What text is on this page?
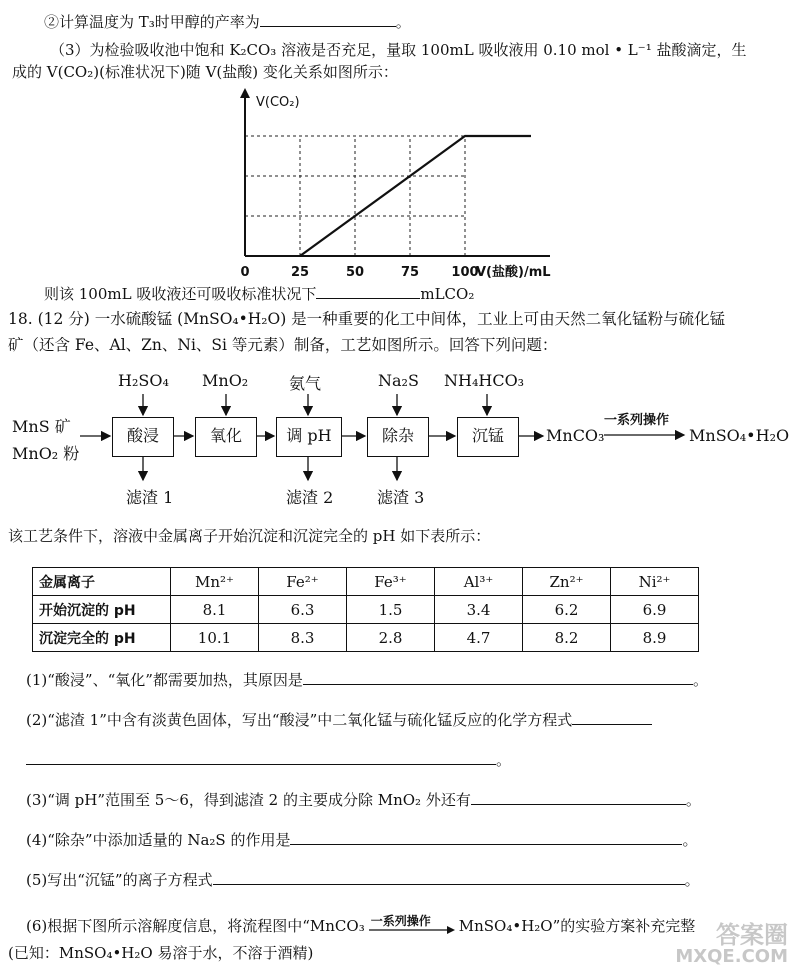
②计算温度为 T₃时甲醇的产率为	。
（3）为检验吸收池中饱和 K₂CO₃ 溶液是否充足，量取 100mL 吸收液用 0.10 mol • L⁻¹ 盐酸滴定，生
成的 V(CO₂)(标准状况下)随 V(盐酸) 变化关系如图所示：
V(CO₂)
0	25	50	75 100
V(盐酸)/mL
则该 100mL 吸收液还可吸收标准状况下	mLCO₂
18. (12 分) 一水硫酸锰 (MnSO₄•H₂O) 是一种重要的化工中间体，工业上可由天然二氧化锰粉与硫化锰
矿（还含 Fe、Al、Zn、Ni、Si 等元素）制备，工艺如图所示。回答下列问题：
MnS 矿
MnO₂ 粉
H₂SO₄ MnO₂	氨气	Na₂S NH₄HCO₃
酸浸	氧化	调 pH	除杂	沉锰	MnCO₃
一系列操作
MnSO₄•H₂O
滤渣 1	滤渣 2	滤渣 3
该工艺条件下，溶液中金属离子开始沉淀和沉淀完全的 pH 如下表所示：
金属离子	Mn²⁺	Fe²⁺	Fe³⁺	Al³⁺	Zn²⁺	Ni²⁺
开始沉淀的 pH	8.1	6.3	1.5	3.4	6.2	6.9
沉淀完全的 pH	10.1	8.3	2.8	4.7	8.2	8.9
(1)“酸浸”、“氧化”都需要加热，其原因是	。
(2)“滤渣 1”中含有淡黄色固体，写出“酸浸”中二氧化锰与硫化锰反应的化学方程式
。
(3)“调 pH”范围至 5～6，得到滤渣 2 的主要成分除 MnO₂ 外还有	。
(4)“除杂”中添加适量的 Na₂S 的作用是	。
(5)写出“沉锰”的离子方程式	。
(6)根据下图所示溶解度信息，将流程图中“MnCO₃ 一系列操作 MnSO₄•H₂O”的实验方案补充完整
(已知：MnSO₄•H₂O 易溶于水，不溶于酒精)
答案圈
MXQE.COM
